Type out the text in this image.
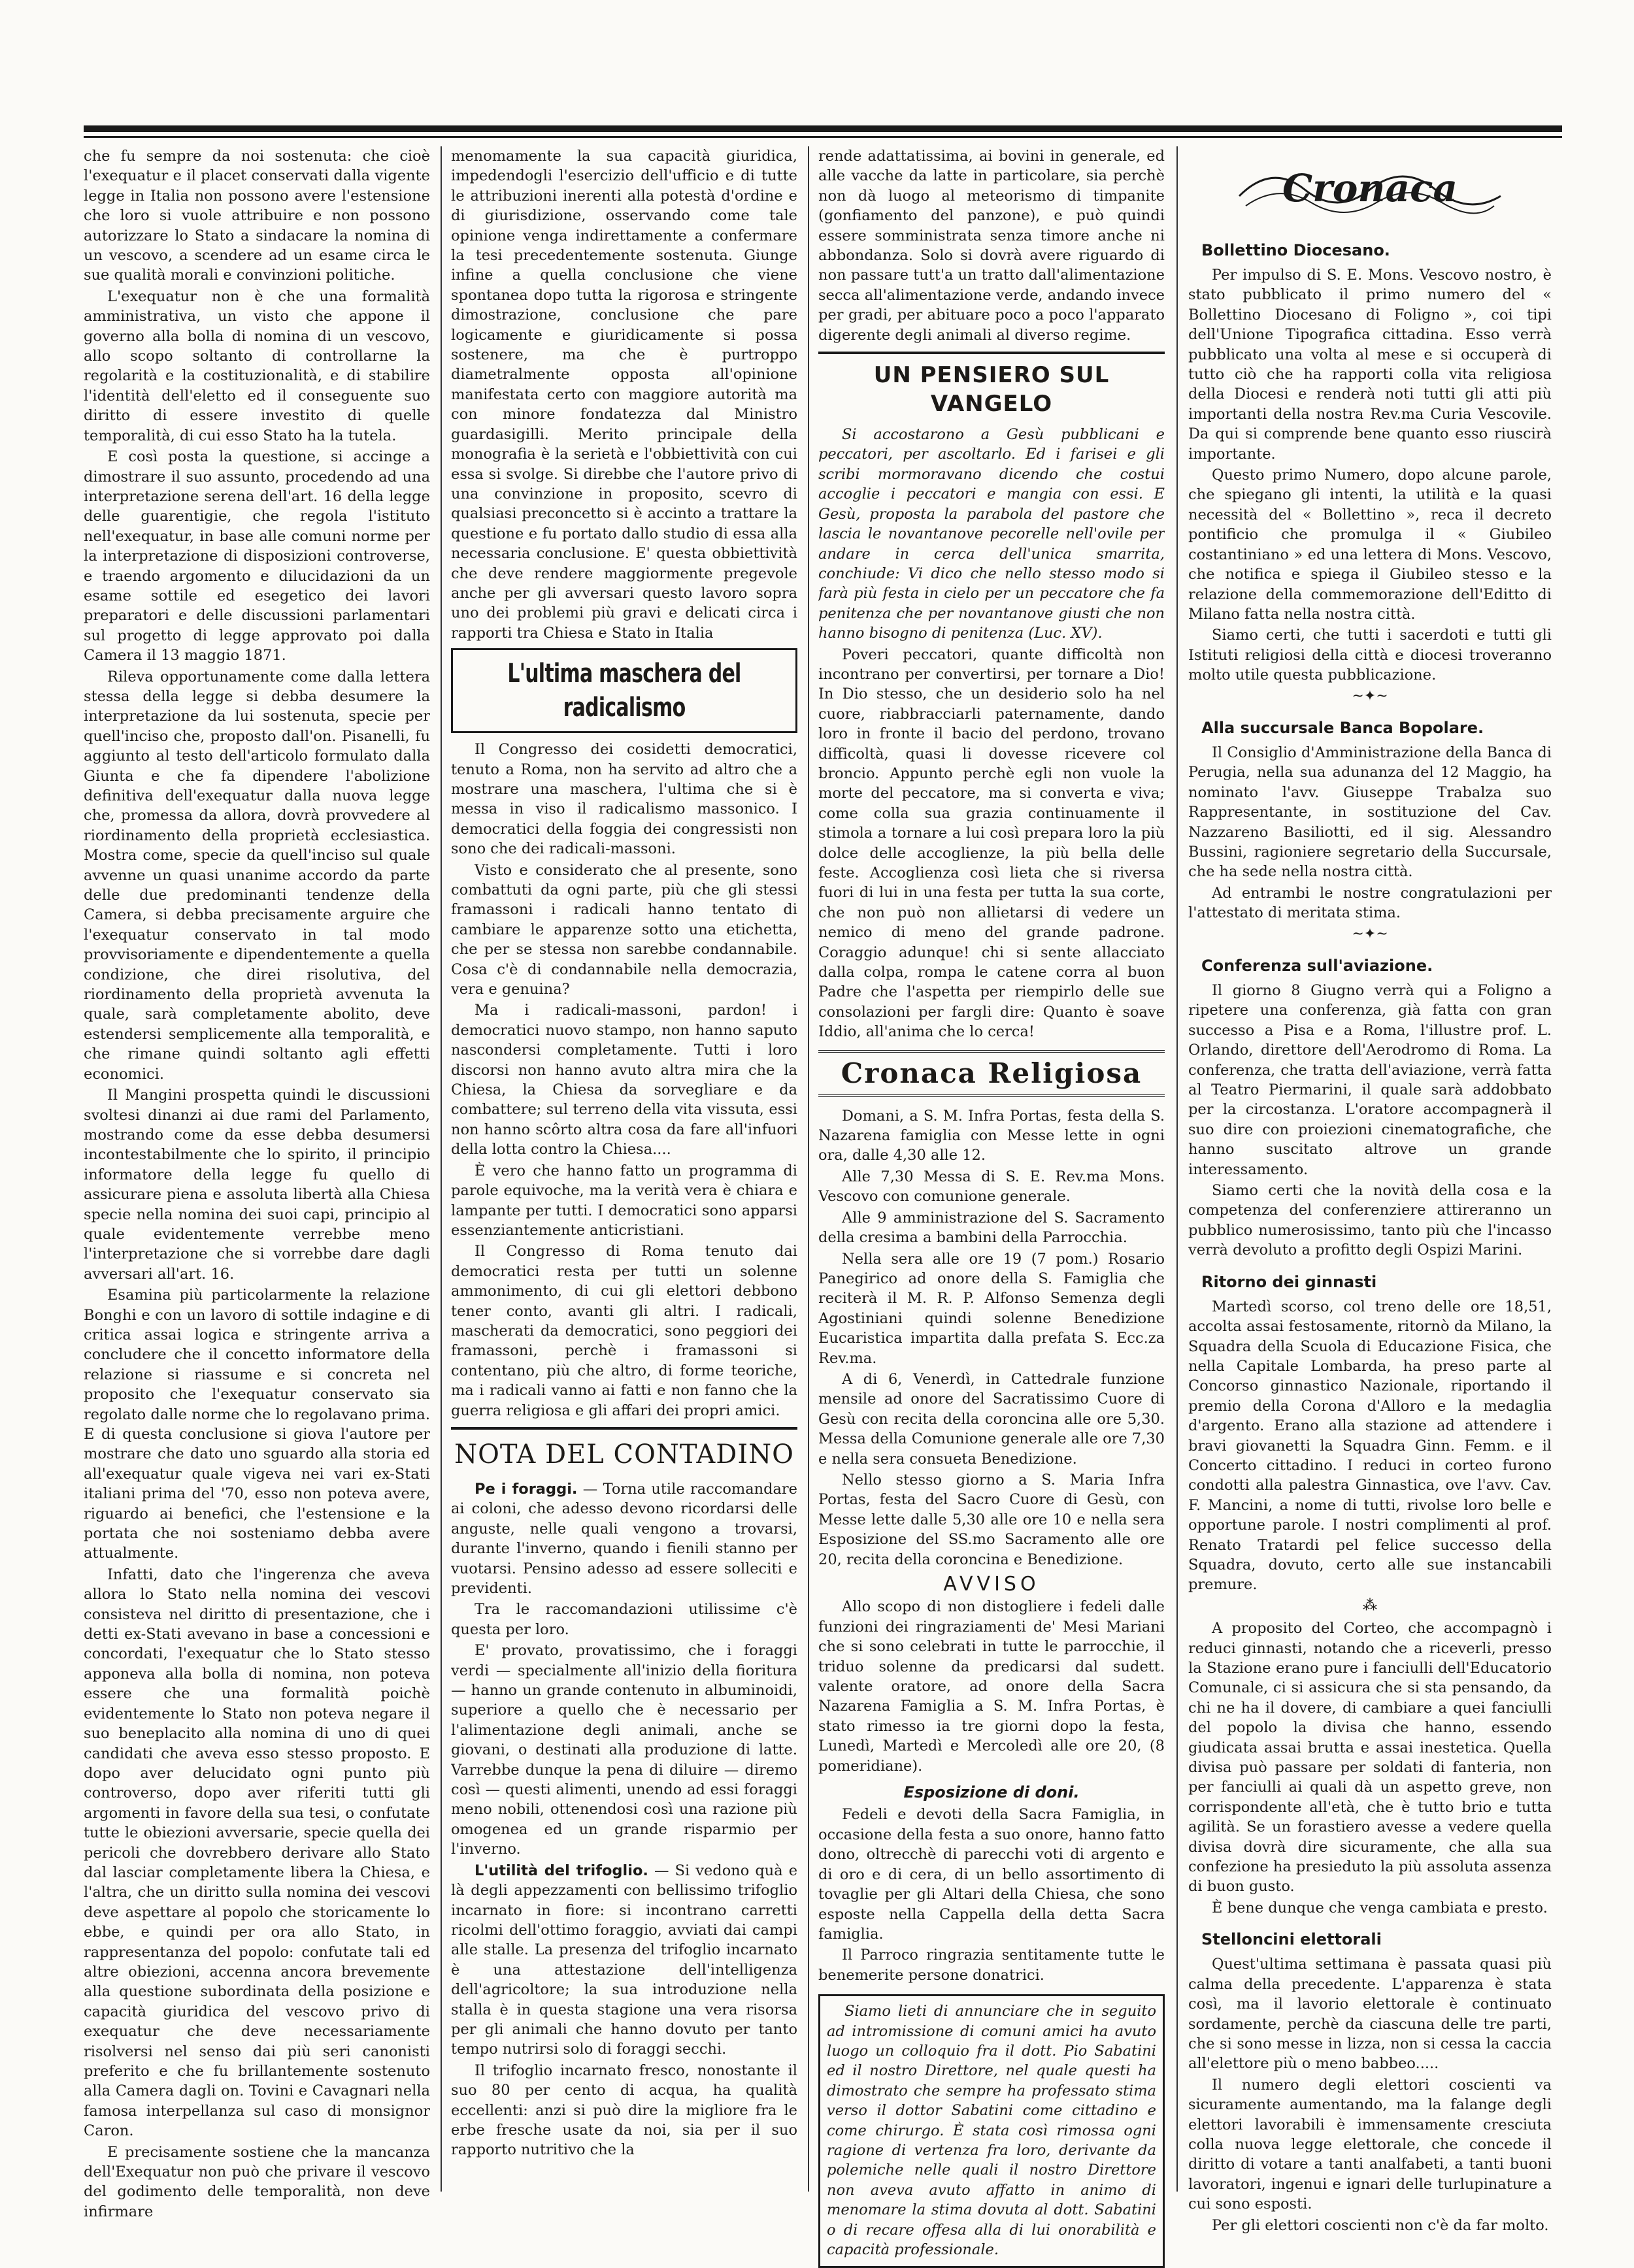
che fu sempre da noi sostenuta: che cioè l'exequatur e il placet conservati dalla vigente legge in Italia non possono avere l'estensione che loro si vuole attribuire e non possono autorizzare lo Stato a sindacare la nomina di un vescovo, a scendere ad un esame circa le sue qualità morali e convinzioni politiche.

L'exequatur non è che una formalità amministrativa, un visto che appone il governo alla bolla di nomina di un vescovo, allo scopo soltanto di controllarne la regolarità e la costituzionalità, e di stabilire l'identità dell'eletto ed il conseguente suo diritto di essere investito di quelle temporalità, di cui esso Stato ha la tutela.

E così posta la questione, si accinge a dimostrare il suo assunto, procedendo ad una interpretazione serena dell'art. 16 della legge delle guarentigie, che regola l'istituto nell'exequatur, in base alle comuni norme per la interpretazione di disposizioni controverse, e traendo argomento e dilucidazioni da un esame sottile ed esegetico dei lavori preparatori e delle discussioni parlamentari sul progetto di legge approvato poi dalla Camera il 13 maggio 1871.

Rileva opportunamente come dalla lettera stessa della legge si debba desumere la interpretazione da lui sostenuta, specie per quell'inciso che, proposto dall'on. Pisanelli, fu aggiunto al testo dell'articolo formulato dalla Giunta e che fa dipendere l'abolizione definitiva dell'exequatur dalla nuova legge che, promessa da allora, dovrà provvedere al riordinamento della proprietà ecclesiastica. Mostra come, specie da quell'inciso sul quale avvenne un quasi unanime accordo da parte delle due predominanti tendenze della Camera, si debba precisamente arguire che l'exequatur conservato in tal modo provvisoriamente e dipendentemente a quella condizione, che direi risolutiva, del riordinamento della proprietà avvenuta la quale, sarà completamente abolito, deve estendersi semplicemente alla temporalità, e che rimane quindi soltanto agli effetti economici.

Il Mangini prospetta quindi le discussioni svoltesi dinanzi ai due rami del Parlamento, mostrando come da esse debba desumersi incontestabilmente che lo spirito, il principio informatore della legge fu quello di assicurare piena e assoluta libertà alla Chiesa specie nella nomina dei suoi capi, principio al quale evidentemente verrebbe meno l'interpretazione che si vorrebbe dare dagli avversari all'art. 16.

Esamina più particolarmente la relazione Bonghi e con un lavoro di sottile indagine e di critica assai logica e stringente arriva a concludere che il concetto informatore della relazione si riassume e si concreta nel proposito che l'exequatur conservato sia regolato dalle norme che lo regolavano prima. E di questa conclusione si giova l'autore per mostrare che dato uno sguardo alla storia ed all'exequatur quale vigeva nei vari ex-Stati italiani prima del '70, esso non poteva avere, riguardo ai benefici, che l'estensione e la portata che noi sosteniamo debba avere attualmente.

Infatti, dato che l'ingerenza che aveva allora lo Stato nella nomina dei vescovi consisteva nel diritto di presentazione, che i detti ex-Stati avevano in base a concessioni e concordati, l'exequatur che lo Stato stesso apponeva alla bolla di nomina, non poteva essere che una formalità poichè evidentemente lo Stato non poteva negare il suo beneplacito alla nomina di uno di quei candidati che aveva esso stesso proposto. E dopo aver delucidato ogni punto più controverso, dopo aver riferiti tutti gli argomenti in favore della sua tesi, o confutate tutte le obiezioni avversarie, specie quella dei pericoli che dovrebbero derivare allo Stato dal lasciar completamente libera la Chiesa, e l'altra, che un diritto sulla nomina dei vescovi deve aspettare al popolo che storicamente lo ebbe, e quindi per ora allo Stato, in rappresentanza del popolo: confutate tali ed altre obiezioni, accenna ancora brevemente alla questione subordinata della posizione e capacità giuridica del vescovo privo di exequatur che deve necessariamente risolversi nel senso dai più seri canonisti preferito e che fu brillantemente sostenuto alla Camera dagli on. Tovini e Cavagnari nella famosa interpellanza sul caso di monsignor Caron.

E precisamente sostiene che la mancanza dell'Exequatur non può che privare il vescovo del godimento delle temporalità, non deve infirmare

menomamente la sua capacità giuridica, impedendogli l'esercizio dell'ufficio e di tutte le attribuzioni inerenti alla potestà d'ordine e di giurisdizione, osservando come tale opinione venga indirettamente a confermare la tesi precedentemente sostenuta. Giunge infine a quella conclusione che viene spontanea dopo tutta la rigorosa e stringente dimostrazione, conclusione che pare logicamente e giuridicamente si possa sostenere, ma che è purtroppo diametralmente opposta all'opinione manifestata certo con maggiore autorità ma con minore fondatezza dal Ministro guardasigilli. Merito principale della monografia è la serietà e l'obbiettività con cui essa si svolge. Si direbbe che l'autore privo di una convinzione in proposito, scevro di qualsiasi preconcetto si è accinto a trattare la questione e fu portato dallo studio di essa alla necessaria conclusione. E' questa obbiettività che deve rendere maggiormente pregevole anche per gli avversari questo lavoro sopra uno dei problemi più gravi e delicati circa i rapporti tra Chiesa e Stato in Italia

L'ultima maschera del radicalismo

Il Congresso dei cosidetti democratici, tenuto a Roma, non ha servito ad altro che a mostrare una maschera, l'ultima che si è messa in viso il radicalismo massonico. I democratici della foggia dei congressisti non sono che dei radicali-massoni.

Visto e considerato che al presente, sono combattuti da ogni parte, più che gli stessi framassoni i radicali hanno tentato di cambiare le apparenze sotto una etichetta, che per se stessa non sarebbe condannabile. Cosa c'è di condannabile nella democrazia, vera e genuina?

Ma i radicali-massoni, pardon! i democratici nuovo stampo, non hanno saputo nascondersi completamente. Tutti i loro discorsi non hanno avuto altra mira che la Chiesa, la Chiesa da sorvegliare e da combattere; sul terreno della vita vissuta, essi non hanno scôrto altra cosa da fare all'infuori della lotta contro la Chiesa....

È vero che hanno fatto un programma di parole equivoche, ma la verità vera è chiara e lampante per tutti. I democratici sono apparsi essenziantemente anticristiani.

Il Congresso di Roma tenuto dai democratici resta per tutti un solenne ammonimento, di cui gli elettori debbono tener conto, avanti gli altri. I radicali, mascherati da democratici, sono peggiori dei framassoni, perchè i framassoni si contentano, più che altro, di forme teoriche, ma i radicali vanno ai fatti e non fanno che la guerra religiosa e gli affari dei propri amici.

NOTA DEL CONTADINO

Pe i foraggi. — Torna utile raccomandare ai coloni, che adesso devono ricordarsi delle anguste, nelle quali vengono a trovarsi, durante l'inverno, quando i fienili stanno per vuotarsi. Pensino adesso ad essere solleciti e previdenti.

Tra le raccomandazioni utilissime c'è questa per loro.

E' provato, provatissimo, che i foraggi verdi — specialmente all'inizio della fioritura — hanno un grande contenuto in albuminoidi, superiore a quello che è necessario per l'alimentazione degli animali, anche se giovani, o destinati alla produzione di latte. Varrebbe dunque la pena di diluire — diremo così — questi alimenti, unendo ad essi foraggi meno nobili, ottenendosi così una razione più omogenea ed un grande risparmio per l'inverno.

L'utilità del trifoglio. — Si vedono quà e là degli appezzamenti con bellissimo trifoglio incarnato in fiore: si incontrano carretti ricolmi dell'ottimo foraggio, avviati dai campi alle stalle. La presenza del trifoglio incarnato è una attestazione dell'intelligenza dell'agricoltore; la sua introduzione nella stalla è in questa stagione una vera risorsa per gli animali che hanno dovuto per tanto tempo nutrirsi solo di foraggi secchi.

Il trifoglio incarnato fresco, nonostante il suo 80 per cento di acqua, ha qualità eccellenti: anzi si può dire la migliore fra le erbe fresche usate da noi, sia per il suo rapporto nutritivo che la

rende adattatissima, ai bovini in generale, ed alle vacche da latte in particolare, sia perchè non dà luogo al meteorismo di timpanite (gonfiamento del panzone), e può quindi essere somministrata senza timore anche ni abbondanza. Solo si dovrà avere riguardo di non passare tutt'a un tratto dall'alimentazione secca all'alimentazione verde, andando invece per gradi, per abituare poco a poco l'apparato digerente degli animali al diverso regime.

UN PENSIERO SUL VANGELO

Si accostarono a Gesù pubblicani e peccatori, per ascoltarlo. Ed i farisei e gli scribi mormoravano dicendo che costui accoglie i peccatori e mangia con essi. E Gesù, proposta la parabola del pastore che lascia le novantanove pecorelle nell'ovile per andare in cerca dell'unica smarrita, conchiude: Vi dico che nello stesso modo si farà più festa in cielo per un peccatore che fa penitenza che per novantanove giusti che non hanno bisogno di penitenza (Luc. XV).

Poveri peccatori, quante difficoltà non incontrano per convertirsi, per tornare a Dio! In Dio stesso, che un desiderio solo ha nel cuore, riabbracciarli paternamente, dando loro in fronte il bacio del perdono, trovano difficoltà, quasi li dovesse ricevere col broncio. Appunto perchè egli non vuole la morte del peccatore, ma si converta e viva; come colla sua grazia continuamente il stimola a tornare a lui così prepara loro la più dolce delle accoglienze, la più bella delle feste. Accoglienza così lieta che si riversa fuori di lui in una festa per tutta la sua corte, che non può non allietarsi di vedere un nemico di meno del grande padrone. Coraggio adunque! chi si sente allacciato dalla colpa, rompa le catene corra al buon Padre che l'aspetta per riempirlo delle sue consolazioni per fargli dire: Quanto è soave Iddio, all'anima che lo cerca!

Cronaca Religiosa

Domani, a S. M. Infra Portas, festa della S. Nazarena famiglia con Messe lette in ogni ora, dalle 4,30 alle 12.

Alle 7,30 Messa di S. E. Rev.ma Mons. Vescovo con comunione generale.

Alle 9 amministrazione del S. Sacramento della cresima a bambini della Parrocchia.

Nella sera alle ore 19 (7 pom.) Rosario Panegirico ad onore della S. Famiglia che reciterà il M. R. P. Alfonso Semenza degli Agostiniani quindi solenne Benedizione Eucaristica impartita dalla prefata S. Ecc.za Rev.ma.

A di 6, Venerdì, in Cattedrale funzione mensile ad onore del Sacratissimo Cuore di Gesù con recita della coroncina alle ore 5,30. Messa della Comunione generale alle ore 7,30 e nella sera consueta Benedizione.

Nello stesso giorno a S. Maria Infra Portas, festa del Sacro Cuore di Gesù, con Messe lette dalle 5,30 alle ore 10 e nella sera Esposizione del SS.mo Sacramento alle ore 20, recita della coroncina e Benedizione.

AVVISO

Allo scopo di non distogliere i fedeli dalle funzioni dei ringraziamenti de' Mesi Mariani che si sono celebrati in tutte le parrocchie, il triduo solenne da predicarsi dal sudett. valente oratore, ad onore della Sacra Nazarena Famiglia a S. M. Infra Portas, è stato rimesso ia tre giorni dopo la festa, Lunedì, Martedì e Mercoledì alle ore 20, (8 pomeridiane).

Esposizione di doni.

Fedeli e devoti della Sacra Famiglia, in occasione della festa a suo onore, hanno fatto dono, oltrecchè di parecchi voti di argento e di oro e di cera, di un bello assortimento di tovaglie per gli Altari della Chiesa, che sono esposte nella Cappella della detta Sacra famiglia.

Il Parroco ringrazia sentitamente tutte le benemerite persone donatrici.

Siamo lieti di annunciare che in seguito ad intromissione di comuni amici ha avuto luogo un colloquio fra il dott. Pio Sabatini ed il nostro Direttore, nel quale questi ha dimostrato che sempre ha professato stima verso il dottor Sabatini come cittadino e come chirurgo. È stata così rimossa ogni ragione di vertenza fra loro, derivante da polemiche nelle quali il nostro Direttore non aveva avuto affatto in animo di menomare la stima dovuta al dott. Sabatini o di recare offesa alla di lui onorabilità e capacità professionale.

Cronaca
Bollettino Diocesano.

Per impulso di S. E. Mons. Vescovo nostro, è stato pubblicato il primo numero del « Bollettino Diocesano di Foligno », coi tipi dell'Unione Tipografica cittadina. Esso verrà pubblicato una volta al mese e si occuperà di tutto ciò che ha rapporti colla vita religiosa della Diocesi e renderà noti tutti gli atti più importanti della nostra Rev.ma Curia Vescovile. Da qui si comprende bene quanto esso riuscirà importante.

Questo primo Numero, dopo alcune parole, che spiegano gli intenti, la utilità e la quasi necessità del « Bollettino », reca il decreto pontificio che promulga il « Giubileo costantiniano » ed una lettera di Mons. Vescovo, che notifica e spiega il Giubileo stesso e la relazione della commemorazione dell'Editto di Milano fatta nella nostra città.

Siamo certi, che tutti i sacerdoti e tutti gli Istituti religiosi della città e diocesi troveranno molto utile questa pubblicazione.

~✦~
Alla succursale Banca Bopolare.

Il Consiglio d'Amministrazione della Banca di Perugia, nella sua adunanza del 12 Maggio, ha nominato l'avv. Giuseppe Trabalza suo Rappresentante, in sostituzione del Cav. Nazzareno Basiliotti, ed il sig. Alessandro Bussini, ragioniere segretario della Succursale, che ha sede nella nostra città.

Ad entrambi le nostre congratulazioni per l'attestato di meritata stima.

~✦~
Conferenza sull'aviazione.

Il giorno 8 Giugno verrà qui a Foligno a ripetere una conferenza, già fatta con gran successo a Pisa e a Roma, l'illustre prof. L. Orlando, direttore dell'Aerodromo di Roma. La conferenza, che tratta dell'aviazione, verrà fatta al Teatro Piermarini, il quale sarà addobbato per la circostanza. L'oratore accompagnerà il suo dire con proiezioni cinematografiche, che hanno suscitato altrove un grande interessamento.

Siamo certi che la novità della cosa e la competenza del conferenziere attireranno un pubblico numerosissimo, tanto più che l'incasso verrà devoluto a profitto degli Ospizi Marini.

Ritorno dei ginnasti

Martedì scorso, col treno delle ore 18,51, accolta assai festosamente, ritornò da Milano, la Squadra della Scuola di Educazione Fisica, che nella Capitale Lombarda, ha preso parte al Concorso ginnastico Nazionale, riportando il premio della Corona d'Alloro e la medaglia d'argento. Erano alla stazione ad attendere i bravi giovanetti la Squadra Ginn. Femm. e il Concerto cittadino. I reduci in corteo furono condotti alla palestra Ginnastica, ove l'avv. Cav. F. Mancini, a nome di tutti, rivolse loro belle e opportune parole. I nostri complimenti al prof. Renato Tratardi pel felice successo della Squadra, dovuto, certo alle sue instancabili premure.

⁂

A proposito del Corteo, che accompagnò i reduci ginnasti, notando che a riceverli, presso la Stazione erano pure i fanciulli dell'Educatorio Comunale, ci si assicura che si sta pensando, da chi ne ha il dovere, di cambiare a quei fanciulli del popolo la divisa che hanno, essendo giudicata assai brutta e assai inestetica. Quella divisa può passare per soldati di fanteria, non per fanciulli ai quali dà un aspetto greve, non corrispondente all'età, che è tutto brio e tutta agilità. Se un forastiero avesse a vedere quella divisa dovrà dire sicuramente, che alla sua confezione ha presieduto la più assoluta assenza di buon gusto.

È bene dunque che venga cambiata e presto.

Stelloncini elettorali

Quest'ultima settimana è passata quasi più calma della precedente. L'apparenza è stata così, ma il lavorio elettorale è continuato sordamente, perchè da ciascuna delle tre parti, che si sono messe in lizza, non si cessa la caccia all'elettore più o meno babbeo.....

Il numero degli elettori coscienti va sicuramente aumentando, ma la falange degli elettori lavorabili è immensamente cresciuta colla nuova legge elettorale, che concede il diritto di votare a tanti analfabeti, a tanti buoni lavoratori, ingenui e ignari delle turlupinature a cui sono esposti.

Per gli elettori coscienti non c'è da far molto.
